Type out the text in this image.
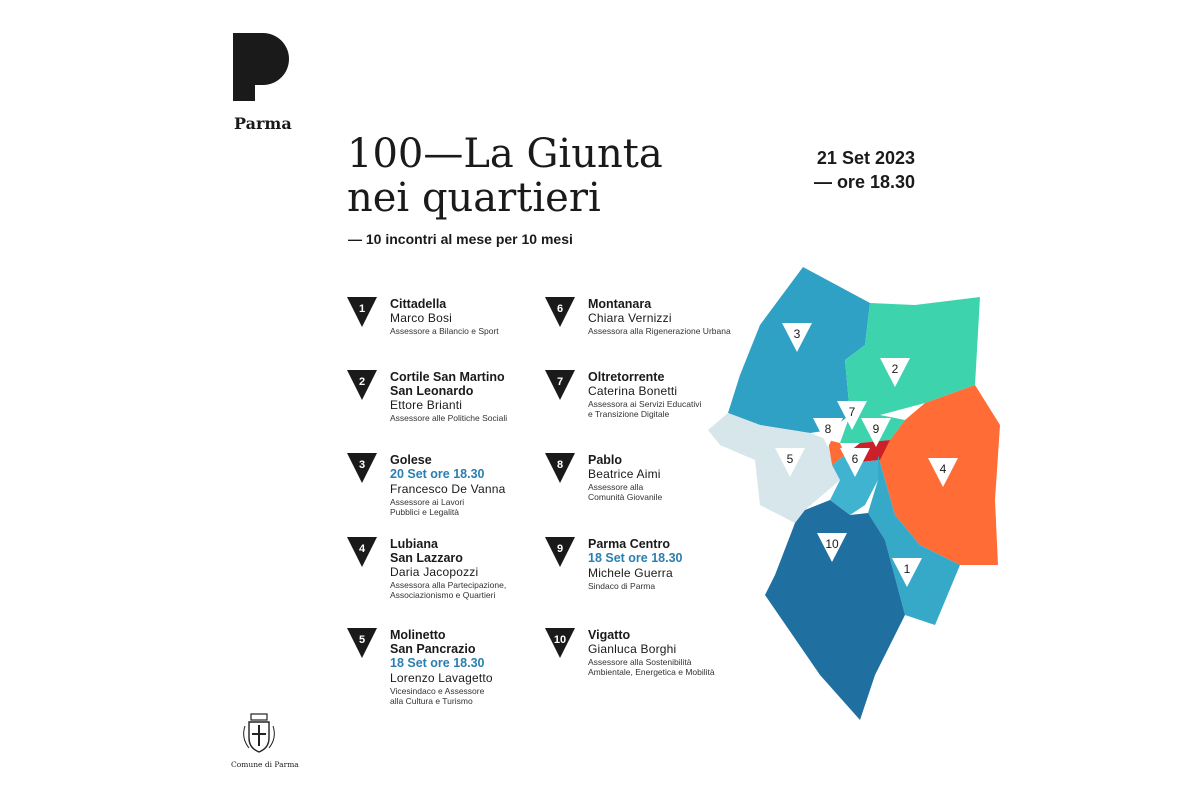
Parma
100—La Giunta
nei quartieri
— 10 incontri al mese per 10 mesi
21 Set 2023
— ore 18.30
1 Cittadella
Marco Bosi
Assessore a Bilancio e Sport
2 Cortile San Martino
San Leonardo
Ettore Brianti
Assessore alle Politiche Sociali
3 Golese
20 Set ore 18.30
Francesco De Vanna
Assessore ai Lavori
Pubblici e Legalità
4 Lubiana
San Lazzaro
Daria Jacopozzi
Assessora alla Partecipazione,
Associazionismo e Quartieri
5 Molinetto
San Pancrazio
18 Set ore 18.30
Lorenzo Lavagetto
Vicesindaco e Assessore
alla Cultura e Turismo
6 Montanara
Chiara Vernizzi
Assessora alla Rigenerazione Urbana
7 Oltretorrente
Caterina Bonetti
Assessora ai Servizi Educativi
e Transizione Digitale
8 Pablo
Beatrice Aimi
Assessore alla
Comunità Giovanile
9 Parma Centro
18 Set ore 18.30
Michele Guerra
Sindaco di Parma
10 Vigatto
Gianluca Borghi
Assessore alla Sostenibilità
Ambientale, Energetica e Mobilità
1
2
3
4
5	6
7
8	9
10
Comune di Parma
